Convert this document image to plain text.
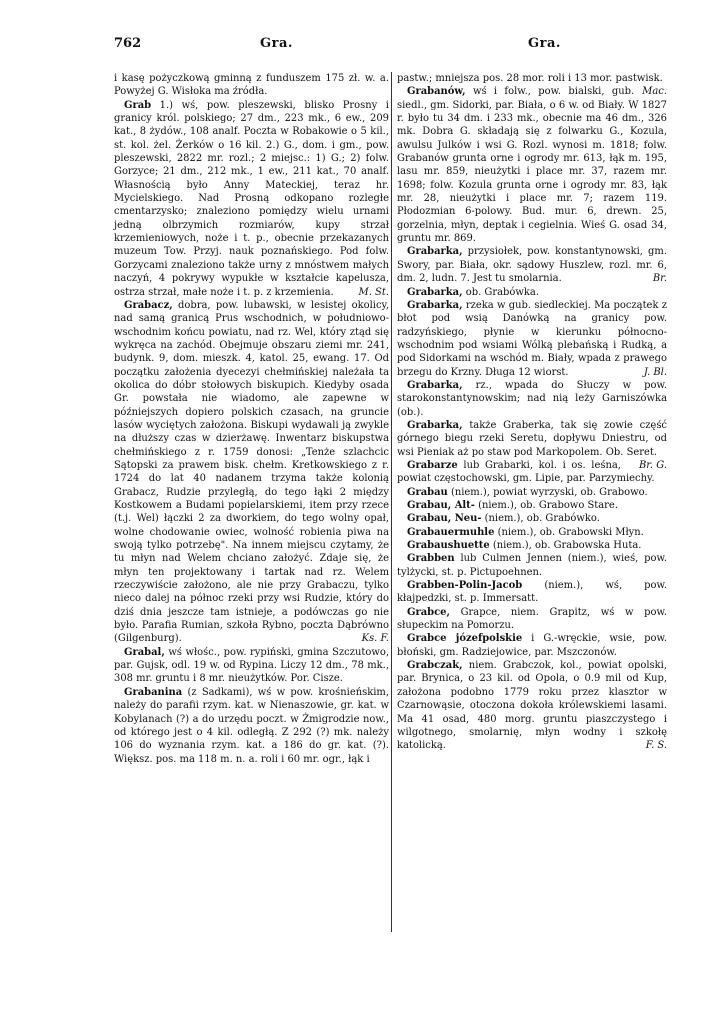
762	Gra.	Gra.

i kasę pożyczkową gminną z funduszem 175 zł. w. a. Powyżej G. Wisłoka ma źródła.

Grab 1.) wś, pow. pleszewski, blisko Prosny i granicy król. polskiego; 27 dm., 223 mk., 6 ew., 209 kat., 8 żydów., 108 analf. Poczta w Robakowie o 5 kil., st. kol. żel. Żerków o 16 kil. 2.) G., dom. i gm., pow. pleszewski, 2822 mr. rozl.; 2 miejsc.: 1) G.; 2) folw. Gorzyce; 21 dm., 212 mk., 1 ew., 211 kat., 70 analf. Własnością było Anny Mateckiej, teraz hr. Mycielskiego. Nad Prosną odkopano rozległe cmentarzysko; znaleziono pomiędzy wielu urnami jedną olbrzymich rozmiarów, kupy strzał krzemieniowych, noże i t. p., obecnie przekazanych muzeum Tow. Przyj. nauk poznańskiego. Pod folw. Gorzycami znaleziono także urny z mnóstwem małych naczyń, 4 pokrywy wypukłe w kształcie kapelusza, ostrza strzał, małe noże i t. p. z krzemienia.	M. St.

Grabacz, dobra, pow. lubawski, w lesistej okolicy, nad samą granicą Prus wschodnich, w południowo-wschodnim końcu powiatu, nad rz. Wel, który ztąd się wykręca na zachód. Obejmuje obszaru ziemi mr. 241, budynk. 9, dom. mieszk. 4, katol. 25, ewang. 17. Od początku założenia dyecezyi chełmińskiej należała ta okolica do dóbr stołowych biskupich. Kiedyby osada Gr. powstała nie wiadomo, ale zapewne w późniejszych dopiero polskich czasach, na gruncie lasów wyciętych założona. Biskupi wydawali ją zwykle na dłuższy czas w dzierżawę. Inwentarz biskupstwa chełmińskiego z r. 1759 donosi: „Tenże szlachcic Sątopski za prawem bisk. chełm. Kretkowskiego z r. 1724 do lat 40 nadanem trzyma także kolonią Grabacz, Rudzie przyległą, do tego łąki 2 między Kostkowem a Budami popielarskiemi, item przy rzece (t.j. Wel) łączki 2 za dworkiem, do tego wolny opał, wolne chodowanie owiec, wolność robienia piwa na swoją tylko potrzebę". Na innem miejscu czytamy, że tu młyn nad Welem chciano założyć. Zdaje się, że młyn ten projektowany i tartak nad rz. Welem rzeczywiście założono, ale nie przy Grabaczu, tylko nieco dalej na północ rzeki przy wsi Rudzie, który do dziś dnia jeszcze tam istnieje, a podówczas go nie było. Parafia Rumian, szkoła Rybno, poczta Dąbrówno (Gilgenburg).	Ks. F.

Grabal, wś włośc., pow. rypiński, gmina Szczutowo, par. Gujsk, odl. 19 w. od Rypina. Liczy 12 dm., 78 mk., 308 mr. gruntu i 8 mr. nieużytków. Por. Cisze.

Grabanina (z Sadkami), wś w pow. krośnieńskim, należy do parafii rzym. kat. w Nienaszowie, gr. kat. w Kobylanach (?) a do urzędu poczt. w Żmigrodzie now., od którego jest o 4 kil. odległą. Z 292 (?) mk. należy 106 do wyznania rzym. kat. a 186 do gr. kat. (?). Większ. pos. ma 118 m. n. a. roli i 60 mr. ogr., łąk i

pastw.; mniejsza pos. 28 mor. roli i 13 mor. pastwisk.
Mac.

Grabanów, wś i folw., pow. bialski, gub. siedl., gm. Sidorki, par. Biała, o 6 w. od Biały. W 1827 r. było tu 34 dm. i 233 mk., obecnie ma 46 dm., 326 mk. Dobra G. składają się z folwarku G., Kozula, awulsu Julków i wsi G. Rozl. wynosi m. 1818; folw. Grabanów grunta orne i ogrody mr. 613, łąk m. 195, lasu mr. 859, nieużytki i place mr. 37, razem mr. 1698; folw. Kozula grunta orne i ogrody mr. 83, łąk mr. 28, nieużytki i place mr. 7; razem 119. Płodozmian 6-polowy. Bud. mur. 6, drewn. 25, gorzelnia, młyn, deptak i cegielnia. Wieś G. osad 34, gruntu mr. 869.

Grabarka, przysiołek, pow. konstantynowski, gm. Swory, par. Biała, okr. sądowy Huszlew, rozl. mr. 6, dm. 2, ludn. 7. Jest tu smolarnia.	Br.

Grabarka, ob. Grabówka.

Grabarka, rzeka w gub. siedleckiej. Ma początek z błot pod wsią Danówką na granicy pow. radzyńskiego, płynie w kierunku północno-wschodnim pod wsiami Wólką plebańską i Rudką, a pod Sidorkami na wschód m. Biały, wpada z prawego brzegu do Krzny. Długa 12 wiorst.	J. Bl.

Grabarka, rz., wpada do Słuczy w pow. starokonstantynowskim; nad nią leży Garniszówka (ob.).

Grabarka, także Graberka, tak się zowie część górnego biegu rzeki Seretu, dopływu Dniestru, od wsi Pieniak aż po staw pod Markopolem. Ob. Seret.
Br. G.

Grabarze lub Grabarki, kol. i os. leśna, powiat częstochowski, gm. Lipie, par. Parzymiechy.

Grabau (niem.), powiat wyrzyski, ob. Grabowo.

Grabau, Alt- (niem.), ob. Grabowo Stare.

Grabau, Neu- (niem.), ob. Grabówko.

Grabauermuhle (niem.), ob. Grabowski Młyn.

Grabaushuette (niem.), ob. Grabowska Huta.

Grabben lub Culmen Jennen (niem.), wieś, pow. tylżycki, st. p. Pictupoehnen.

Grabben-Polin-Jacob (niem.), wś, pow. kłajpedzki, st. p. Immersatt.

Grabce, Grapce, niem. Grapitz, wś w pow. słupeckim na Pomorzu.

Grabce józefpolskie i G.-wręckie, wsie, pow. błoński, gm. Radziejowice, par. Mszczonów.

Grabczak, niem. Grabczok, kol., powiat opolski, par. Brynica, o 23 kil. od Opola, o 0.9 mil od Kup, założona podobno 1779 roku przez klasztor w Czarnowąsie, otoczona dokoła królewskiemi lasami. Ma 41 osad, 480 morg. gruntu piaszczystego i wilgotnego, smolarnię, młyn wodny i szkołę katolicką.	F. S.
